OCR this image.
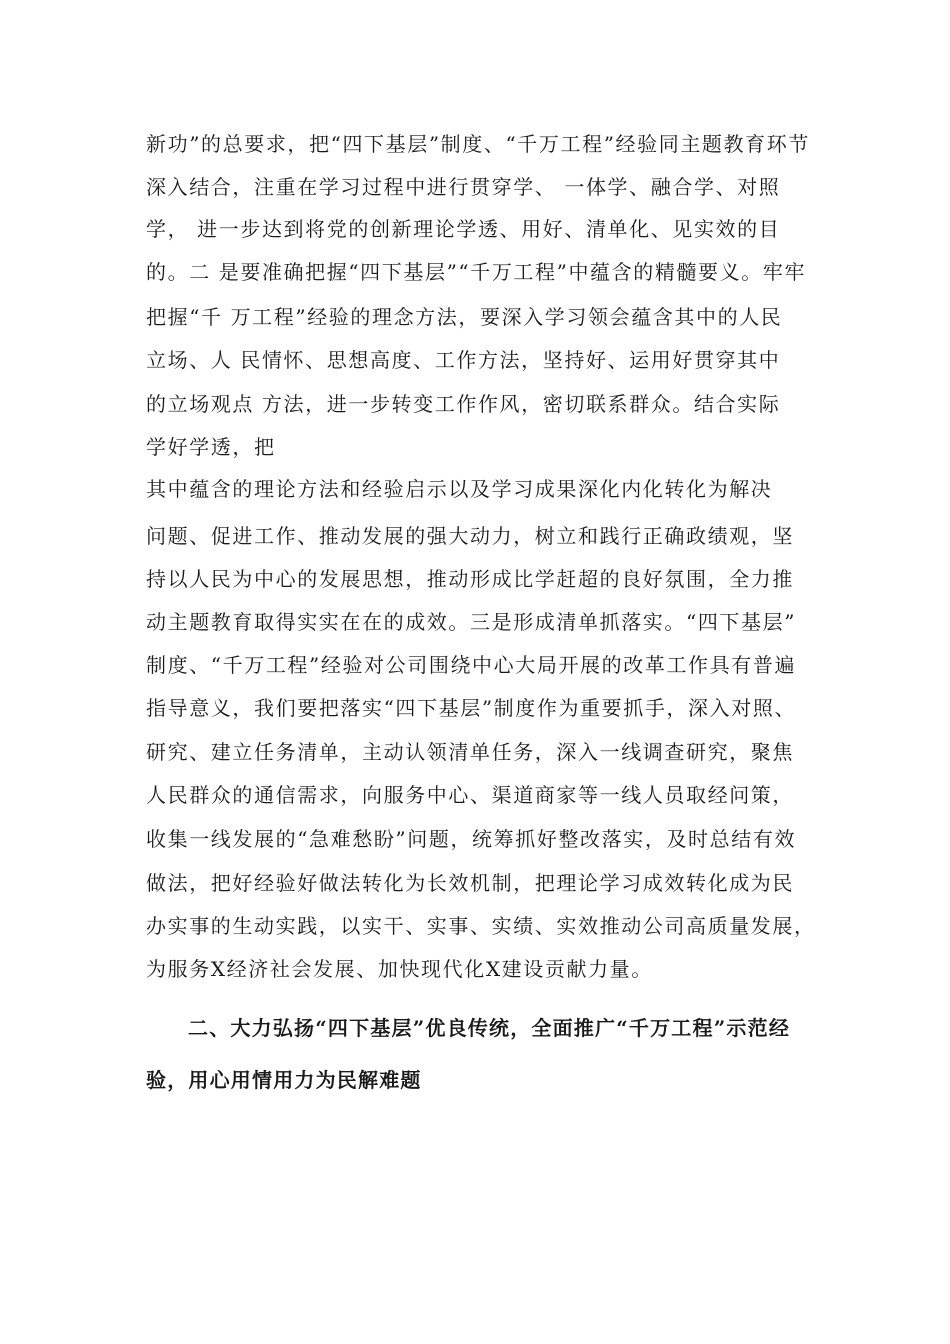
新功”的总要求，把“四下基层”制度、“千万工程”经验同主题教育环节
深入结合，注重在学习过程中进行贯穿学、 一体学、融合学、对照
学， 进一步达到将党的创新理论学透、用好、清单化、见实效的目
的。二 是要准确把握“四下基层”“千万工程”中蕴含的精髓要义。牢牢
把握“千 万工程”经验的理念方法，要深入学习领会蕴含其中的人民
立场、人 民情怀、思想高度、工作方法，坚持好、运用好贯穿其中
的立场观点 方法，进一步转变工作作风，密切联系群众。结合实际
学好学透，把
其中蕴含的理论方法和经验启示以及学习成果深化内化转化为解决
问题、促进工作、推动发展的强大动力，树立和践行正确政绩观，坚
持以人民为中心的发展思想，推动形成比学赶超的良好氛围，全力推
动主题教育取得实实在在的成效。三是形成清单抓落实。“四下基层”
制度、“千万工程”经验对公司围绕中心大局开展的改革工作具有普遍
指导意义，我们要把落实“四下基层”制度作为重要抓手，深入对照、
研究、建立任务清单，主动认领清单任务，深入一线调查研究，聚焦
人民群众的通信需求，向服务中心、渠道商家等一线人员取经问策，
收集一线发展的“急难愁盼”问题，统筹抓好整改落实，及时总结有效
做法，把好经验好做法转化为长效机制，把理论学习成效转化成为民
办实事的生动实践，以实干、实事、实绩、实效推动公司高质量发展，
为服务X经济社会发展、加快现代化X建设贡献力量。
二、大力弘扬“四下基层”优良传统，全面推广“千万工程”示范经
验，用心用情用力为民解难题
